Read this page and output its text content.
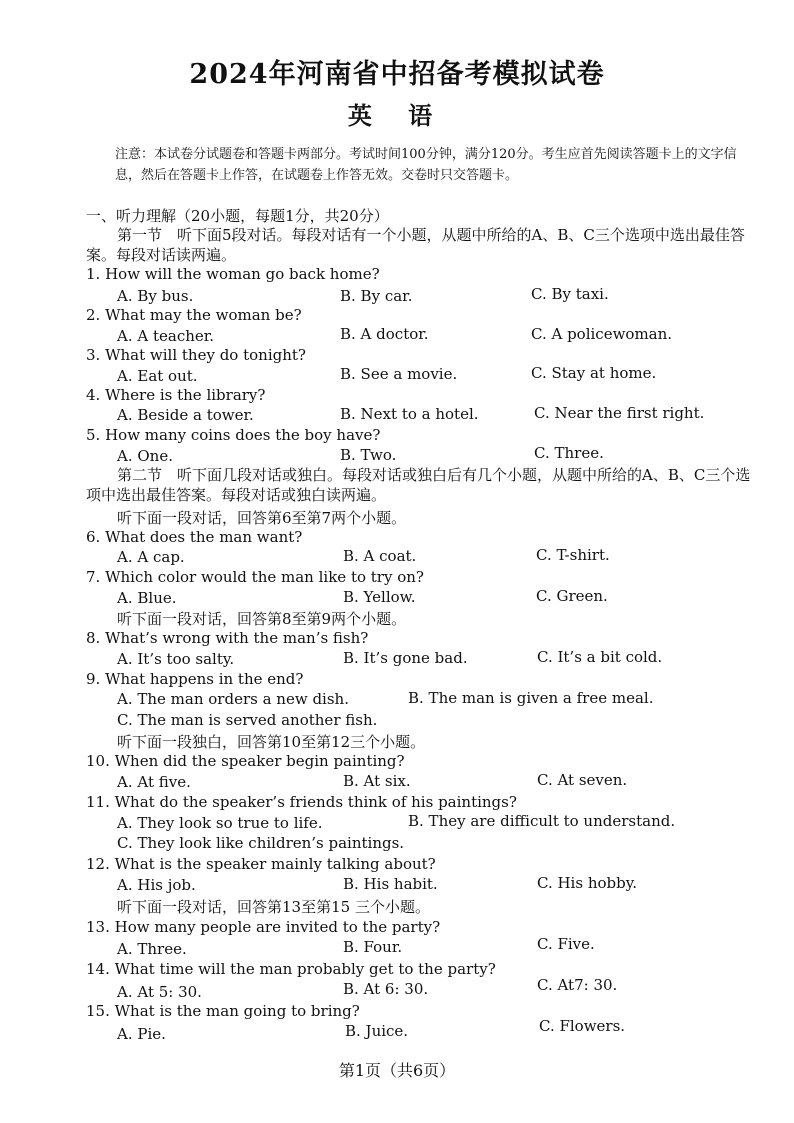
2024年河南省中招备考模拟试卷
英 语
注意：本试卷分试题卷和答题卡两部分。考试时间100分钟，满分120分。考生应首先阅读答题卡上的文字信息，然后在答题卡上作答，在试题卷上作答无效。交卷时只交答题卡。
一、听力理解（20小题，每题1分，共20分）
第一节　听下面5段对话。每段对话有一个小题，从题中所给的A、B、C三个选项中选出最佳答案。每段对话读两遍。
1. How will the woman go back home?
A. By bus.	B. By car.	C. By taxi.
2. What may the woman be?
A. A teacher.	B. A doctor.	C. A policewoman.
3. What will they do tonight?
A. Eat out.	B. See a movie.	C. Stay at home.
4. Where is the library?
A. Beside a tower.	B. Next to a hotel.	C. Near the first right.
5. How many coins does the boy have?
A. One.	B. Two.	C. Three.
第二节　听下面几段对话或独白。每段对话或独白后有几个小题，从题中所给的A、B、C三个选项中选出最佳答案。每段对话或独白读两遍。
听下面一段对话，回答第6至第7两个小题。
6. What does the man want?
A. A cap.	B. A coat.	C. T-shirt.
7. Which color would the man like to try on?
A. Blue.	B. Yellow.	C. Green.
听下面一段对话，回答第8至第9两个小题。
8. What’s wrong with the man’s fish?
A. It’s too salty.	B. It’s gone bad.	C. It’s a bit cold.
9. What happens in the end?
A. The man orders a new dish.	B. The man is given a free meal.
C. The man is served another fish.
听下面一段独白，回答第10至第12三个小题。
10. When did the speaker begin painting?
A. At five.	B. At six.	C. At seven.
11. What do the speaker’s friends think of his paintings?
A. They look so true to life.	B. They are difficult to understand.
C. They look like children’s paintings.
12. What is the speaker mainly talking about?
A. His job.	B. His habit.	C. His hobby.
听下面一段对话，回答第13至第15 三个小题。
13. How many people are invited to the party?
A. Three.	B. Four.	C. Five.
14. What time will the man probably get to the party?
A. At 5: 30.	B. At 6: 30.	C. At7: 30.
15. What is the man going to bring?
A. Pie.	B. Juice.	C. Flowers.
第1页（共6页）
